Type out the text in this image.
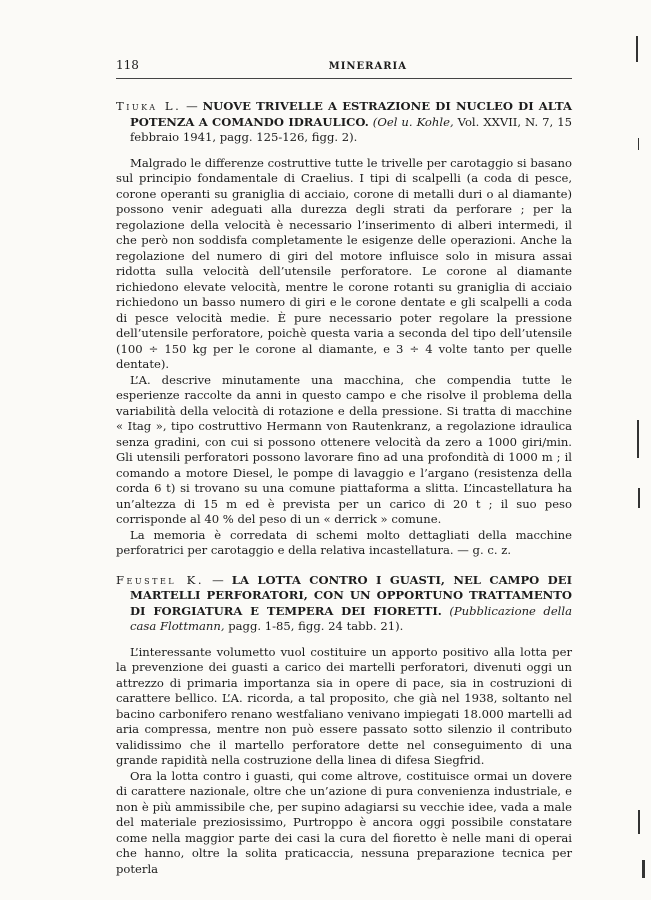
118	MINERARIA

Tiuka L. — NUOVE TRIVELLE A ESTRAZIONE DI NUCLEO DI ALTA POTENZA A COMANDO IDRAULICO. (Oel u. Kohle, Vol. XXVII, N. 7, 15 febbraio 1941, pagg. 125-126, figg. 2).

Malgrado le differenze costruttive tutte le trivelle per carotaggio si basano sul principio fondamentale di Craelius. I tipi di scalpelli (a coda di pesce, corone operanti su graniglia di acciaio, corone di metalli duri o al diamante) possono venir adeguati alla durezza degli strati da perforare ; per la regolazione della velocità è necessario l’inserimento di alberi intermedi, il che però non soddisfa completamente le esigenze delle operazioni. Anche la regolazione del numero di giri del motore influisce solo in misura assai ridotta sulla velocità dell’utensile perforatore. Le corone al diamante richiedono elevate velocità, mentre le corone rotanti su graniglia di acciaio richiedono un basso numero di giri e le corone dentate e gli scalpelli a coda di pesce velocità medie. È pure necessario poter regolare la pressione dell’utensile perforatore, poichè questa varia a seconda del tipo dell’utensile (100 ÷ 150 kg per le corone al diamante, e 3 ÷ 4 volte tanto per quelle dentate).

L’A. descrive minutamente una macchina, che compendia tutte le esperienze raccolte da anni in questo campo e che risolve il problema della variabilità della velocità di rotazione e della pressione. Si tratta di macchine « Itag », tipo costruttivo Hermann von Rautenkranz, a regolazione idraulica senza gradini, con cui si possono ottenere velocità da zero a 1000 giri/min. Gli utensili perforatori possono lavorare fino ad una profondità di 1000 m ; il comando a motore Diesel, le pompe di lavaggio e l’argano (resistenza della corda 6 t) si trovano su una comune piattaforma a slitta. L’incastellatura ha un’altezza di 15 m ed è prevista per un carico di 20 t ; il suo peso corrisponde al 40 % del peso di un « derrick » comune.

La memoria è corredata di schemi molto dettagliati della macchine perforatrici per carotaggio e della relativa incastellatura. — g. c. z.

Feustel K. — LA LOTTA CONTRO I GUASTI, NEL CAMPO DEI MARTELLI PERFORATORI, CON UN OPPORTUNO TRATTAMENTO DI FORGIATURA E TEMPERA DEI FIORETTI. (Pubblicazione della casa Flottmann, pagg. 1-85, figg. 24 tabb. 21).

L’interessante volumetto vuol costituire un apporto positivo alla lotta per la prevenzione dei guasti a carico dei martelli perforatori, divenuti oggi un attrezzo di primaria importanza sia in opere di pace, sia in costruzioni di carattere bellico. L’A. ricorda, a tal proposito, che già nel 1938, soltanto nel bacino carbonifero renano westfaliano venivano impiegati 18.000 martelli ad aria compressa, mentre non può essere passato sotto silenzio il contributo validissimo che il martello perforatore dette nel conseguimento di una grande rapidità nella costruzione della linea di difesa Siegfrid.

Ora la lotta contro i guasti, qui come altrove, costituisce ormai un dovere di carattere nazionale, oltre che un’azione di pura convenienza industriale, e non è più ammissibile che, per supino adagiarsi su vecchie idee, vada a male del materiale preziosissimo, Purtroppo è ancora oggi possibile constatare come nella maggior parte dei casi la cura del fioretto è nelle mani di operai che hanno, oltre la solita praticaccia, nessuna preparazione tecnica per poterla
